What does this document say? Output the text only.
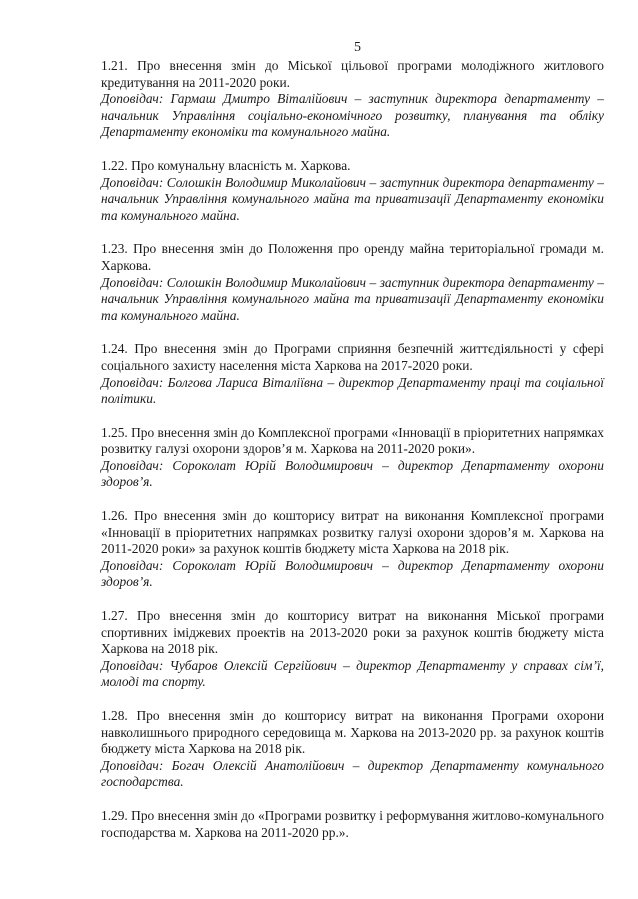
5

1.21. Про внесення змін до Міської цільової програми молодіжного житлового кредитування на 2011-2020 роки.

Доповідач: Гармаш Дмитро Віталійович – заступник директора департаменту – начальник Управління соціально-економічного розвитку, планування та обліку Департаменту економіки та комунального майна.

1.22. Про комунальну власність м. Харкова.

Доповідач: Солошкін Володимир Миколайович – заступник директора департаменту – начальник Управління комунального майна та приватизації Департаменту економіки та комунального майна.

1.23. Про внесення змін до Положення про оренду майна територіальної громади м. Харкова.

Доповідач: Солошкін Володимир Миколайович – заступник директора департаменту – начальник Управління комунального майна та приватизації Департаменту економіки та комунального майна.

1.24. Про внесення змін до Програми сприяння безпечній життєдіяльності у сфері соціального захисту населення міста Харкова на 2017-2020 роки.

Доповідач: Болгова Лариса Віталіївна – директор Департаменту праці та соціальної політики.

1.25. Про внесення змін до Комплексної програми «Інновації в пріоритетних напрямках розвитку галузі охорони здоров’я м. Харкова на 2011-2020 роки».

Доповідач: Сороколат Юрій Володимирович – директор Департаменту охорони здоров’я.

1.26. Про внесення змін до кошторису витрат на виконання Комплексної програми «Інновації в пріоритетних напрямках розвитку галузі охорони здоров’я м. Харкова на 2011-2020 роки» за рахунок коштів бюджету міста Харкова на 2018 рік.

Доповідач: Сороколат Юрій Володимирович – директор Департаменту охорони здоров’я.

1.27. Про внесення змін до кошторису витрат на виконання Міської програми спортивних іміджевих проектів на 2013-2020 роки за рахунок коштів бюджету міста Харкова на 2018 рік.

Доповідач: Чубаров Олексій Сергійович – директор Департаменту у справах сім’ї, молоді та спорту.

1.28. Про внесення змін до кошторису витрат на виконання Програми охорони навколишнього природного середовища м. Харкова на 2013-2020 рр. за рахунок коштів бюджету міста Харкова на 2018 рік.

Доповідач: Богач Олексій Анатолійович – директор Департаменту комунального господарства.

1.29. Про внесення змін до «Програми розвитку і реформування житлово-комунального господарства м. Харкова на 2011-2020 рр.».
